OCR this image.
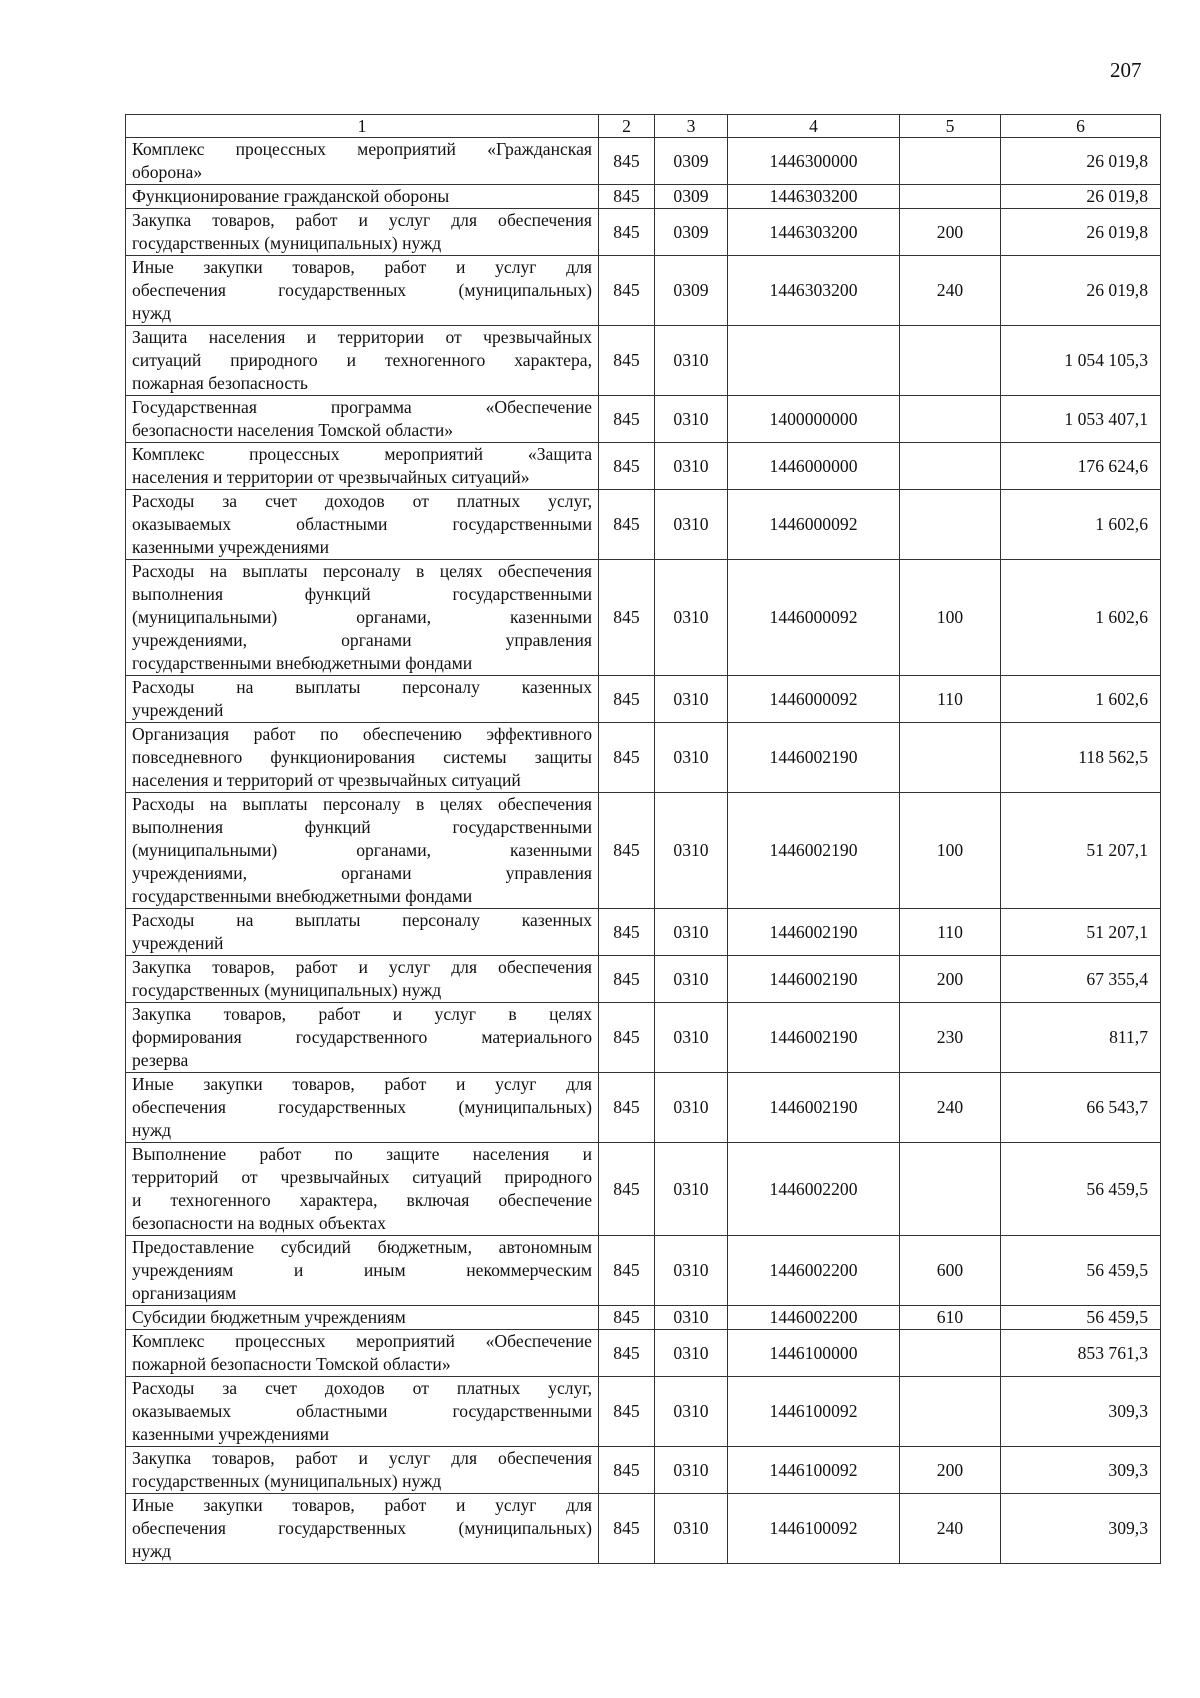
207
1	2	3	4	5	6

Комплекс процессных мероприятий «Гражданская
оборона»	845	0309	1446300000		26 019,8

Функционирование гражданской обороны	845	0309	1446303200		26 019,8

Закупка товаров, работ и услуг для обеспечения
государственных (муниципальных) нужд	845	0309	1446303200	200	26 019,8

Иные закупки товаров, работ и услуг для
обеспечения государственных (муниципальных)
нужд	845	0309	1446303200	240	26 019,8

Защита населения и территории от чрезвычайных
ситуаций природного и техногенного характера,
пожарная безопасность	845	0310			1 054 105,3

Государственная программа «Обеспечение
безопасности населения Томской области»	845	0310	1400000000		1 053 407,1

Комплекс процессных мероприятий «Защита
населения и территории от чрезвычайных ситуаций»	845	0310	1446000000		176 624,6

Расходы за счет доходов от платных услуг,
оказываемых областными государственными
казенными учреждениями	845	0310	1446000092		1 602,6

Расходы на выплаты персоналу в целях обеспечения
выполнения функций государственными
(муниципальными) органами, казенными
учреждениями, органами управления
государственными внебюджетными фондами	845	0310	1446000092	100	1 602,6

Расходы на выплаты персоналу казенных
учреждений	845	0310	1446000092	110	1 602,6

Организация работ по обеспечению эффективного
повседневного функционирования системы защиты
населения и территорий от чрезвычайных ситуаций	845	0310	1446002190		118 562,5

Расходы на выплаты персоналу в целях обеспечения
выполнения функций государственными
(муниципальными) органами, казенными
учреждениями, органами управления
государственными внебюджетными фондами	845	0310	1446002190	100	51 207,1

Расходы на выплаты персоналу казенных
учреждений	845	0310	1446002190	110	51 207,1

Закупка товаров, работ и услуг для обеспечения
государственных (муниципальных) нужд	845	0310	1446002190	200	67 355,4

Закупка товаров, работ и услуг в целях
формирования государственного материального
резерва	845	0310	1446002190	230	811,7

Иные закупки товаров, работ и услуг для
обеспечения государственных (муниципальных)
нужд	845	0310	1446002190	240	66 543,7

Выполнение работ по защите населения и
территорий от чрезвычайных ситуаций природного
и техногенного характера, включая обеспечение
безопасности на водных объектах	845	0310	1446002200		56 459,5

Предоставление субсидий бюджетным, автономным
учреждениям и иным некоммерческим
организациям	845	0310	1446002200	600	56 459,5

Субсидии бюджетным учреждениям	845	0310	1446002200	610	56 459,5

Комплекс процессных мероприятий «Обеспечение
пожарной безопасности Томской области»	845	0310	1446100000		853 761,3

Расходы за счет доходов от платных услуг,
оказываемых областными государственными
казенными учреждениями	845	0310	1446100092		309,3

Закупка товаров, работ и услуг для обеспечения
государственных (муниципальных) нужд	845	0310	1446100092	200	309,3

Иные закупки товаров, работ и услуг для
обеспечения государственных (муниципальных)
нужд	845	0310	1446100092	240	309,3
